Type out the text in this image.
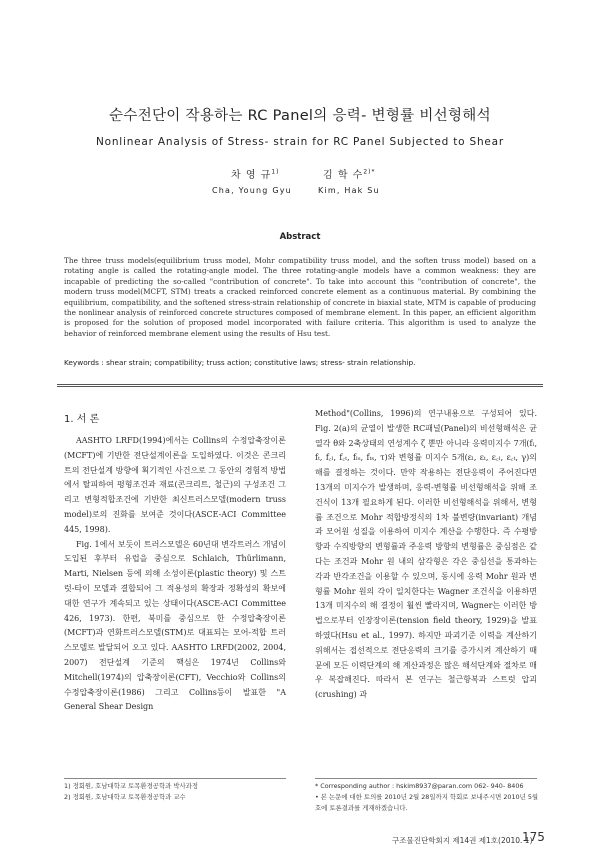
순수전단이 작용하는 RC Panel의 응력- 변형률 비선형해석
Nonlinear Analysis of Stress- strain for RC Panel Subjected to Shear
차 영 규$^{1)}$	김 학 수$^{2)*}$
Cha, Young Gyu	Kim, Hak Su
Abstract
The three truss models(equilibrium truss model, Mohr compatibility truss model, and the soften truss model) based on a rotating angle is called the rotating-angle model. The three rotating-angle models have a common weakness: they are incapable of predicting the so-called "contribution of concrete". To take into account this "contribution of concrete", the modern truss model(MCFT, STM) treats a cracked reinforced concrete element as a continuous material. By combining the equilibrium, compatibility, and the softened stress-strain relationship of concrete in biaxial state, MTM is capable of producing the nonlinear analysis of reinforced concrete structures composed of membrane element. In this paper, an efficient algorithm is proposed for the solution of proposed model incorporated with failure criteria. This algorithm is used to analyze the behavior of reinforced membrane element using the results of Hsu test.
Keywords : shear strain; compatibility; truss action; constitutive laws; stress- strain relationship.
1. 서 론

AASHTO LRFD(1994)에서는 Collins의 수정압축장이론(MCFT)에 기반한 전단설계이론을 도입하였다. 이것은 콘크리트의 전단설계 방향에 획기적인 사건으로 그 동안의 경험적 방법에서 탈피하여 평형조건과 재료(콘크리트, 철근)의 구성조건 그리고 변형적합조건에 기반한 최신트러스모델(modern truss model)로의 진화를 보여준 것이다(ASCE-ACI Committee 445, 1998).

Fig. 1에서 보듯이 트러스모델은 60년대 변각트러스 개념이 도입된 후부터 유럽을 중심으로 Schlaich, Thürlimann, Marti, Nielsen 등에 의해 소성이론(plastic theory) 및 스트럿-타이 모델과 결합되어 그 적용성의 확장과 정확성의 확보에 대한 연구가 계속되고 있는 상태이다(ASCE-ACI Committee 426, 1973). 한편, 북미를 중심으로 한 수정압축장이론(MCFT)과 연화트러스모델(STM)로 대표되는 모어-적합 트러스모델로 발달되어 오고 있다. AASHTO LRFD(2002, 2004, 2007) 전단설계 기준의 핵심은 1974년 Collins와 Mitchell(1974)의 압축장이론(CFT), Vecchio와 Collins의 수정압축장이론(1986) 그리고 Collins등이 발표한 "A General Shear Design

Method"(Collins, 1996)의 연구내용으로 구성되어 있다. Fig. 2(a)의 균열이 발생한 RC패널(Panel)의 비선형해석은 균열각 θ와 2축상태의 연성계수 ζ 뿐만 아니라 응력미지수 7개(fₗ, fₜ, f꜀ₗ, f꜀ₜ, fₗₛ, fₜₛ, τ)와 변형률 미지수 5개(εₗ, εₜ, ε꜀ₗ, ε꜀ₜ, γ)의 해를 결정하는 것이다. 만약 작용하는 전단응력이 주어진다면 13개의 미지수가 발생하며, 응력-변형률 비선형해석을 위해 조건식이 13개 필요하게 된다. 이러한 비선형해석을 위해서, 변형률 조건으로 Mohr 적합방정식의 1차 불변량(invariant) 개념과 모어원 성질을 이용하여 미지수 계산을 수행한다. 즉 수평방향과 수직방향의 변형률과 주응력 방향의 변형률은 중심점은 같다는 조건과 Mohr 원 내의 삼각형은 각은 중심선을 통과하는 각과 반각조건을 이용할 수 있으며, 동시에 응력 Mohr 원과 변형률 Mohr 원의 각이 일치한다는 Wagner 조건식을 이용하면 13개 미지수의 해 결정이 훨씬 빨라지며, Wagner는 이러한 방법으로부터 인장장이론(tension field theory, 1929)을 발표하였다(Hsu et al., 1997). 하지만 파괴기준 이력을 계산하기 위해서는 접선적으로 전단응력의 크기를 증가시켜 계산하기 때문에 모든 이력단계의 해 계산과정은 많은 해석단계와 절차로 매우 복잡해진다. 따라서 본 연구는 철근항복과 스트럿 압괴(crushing) 과

1) 정회원, 호남대학교 토목환경공학과 박사과정
2) 정회원, 호남대학교 토목환경공학과 교수
* Corresponding author : hskim8937@paran.com 062- 940- 8406
• 본 논문에 대한 토의를 2010년 2월 28일까지 학회로 보내주시면 2010년 5월호에 토론결과를 게재하겠습니다.
구조물진단학회지 제14권 제1호(2010. 1)
175
